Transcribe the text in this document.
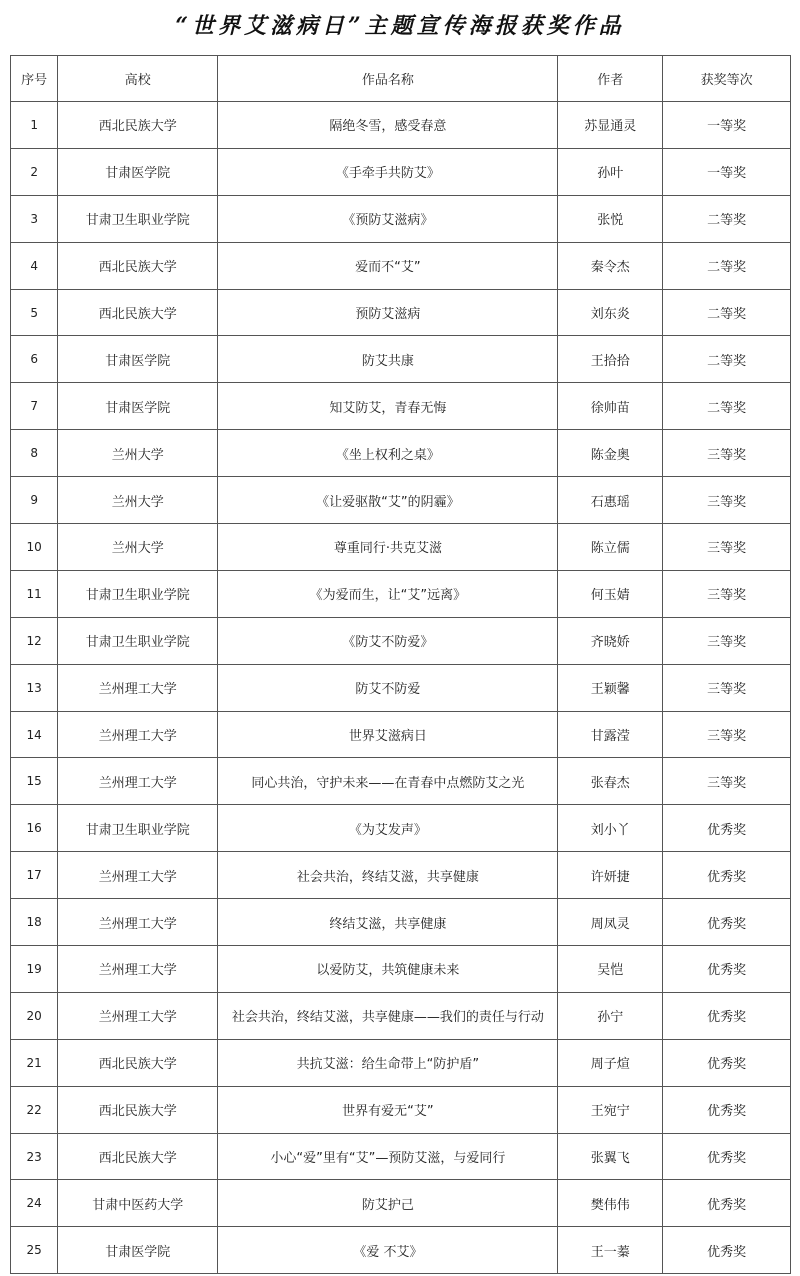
“世界艾滋病日”主题宣传海报获奖作品
序号	高校	作品名称	作者	获奖等次
1	西北民族大学	隔绝冬雪，感受春意	苏显通灵	一等奖
2	甘肃医学院	《手牵手共防艾》	孙叶	一等奖
3	甘肃卫生职业学院	《预防艾滋病》	张悦	二等奖
4	西北民族大学	爱而不“艾”	秦令杰	二等奖
5	西北民族大学	预防艾滋病	刘东炎	二等奖
6	甘肃医学院	防艾共康	王拾拾	二等奖
7	甘肃医学院	知艾防艾，青春无悔	徐帅苗	二等奖
8	兰州大学	《坐上权利之桌》	陈金奥	三等奖
9	兰州大学	《让爱驱散“艾”的阴霾》	石惠瑶	三等奖
10	兰州大学	尊重同行·共克艾滋	陈立儒	三等奖
11	甘肃卫生职业学院	《为爱而生，让“艾”远离》	何玉婧	三等奖
12	甘肃卫生职业学院	《防艾不防爱》	齐晓娇	三等奖
13	兰州理工大学	防艾不防爱	王颖馨	三等奖
14	兰州理工大学	世界艾滋病日	甘露滢	三等奖
15	兰州理工大学	同心共治，守护未来——在青春中点燃防艾之光	张春杰	三等奖
16	甘肃卫生职业学院	《为艾发声》	刘小丫	优秀奖
17	兰州理工大学	社会共治，终结艾滋，共享健康	许妍捷	优秀奖
18	兰州理工大学	终结艾滋，共享健康	周凤灵	优秀奖
19	兰州理工大学	以爱防艾，共筑健康未来	吴恺	优秀奖
20	兰州理工大学	社会共治，终结艾滋，共享健康——我们的责任与行动	孙宁	优秀奖
21	西北民族大学	共抗艾滋：给生命带上“防护盾”	周子煊	优秀奖
22	西北民族大学	世界有爱无“艾”	王宛宁	优秀奖
23	西北民族大学	小心“爱”里有“艾”—预防艾滋，与爱同行	张翼飞	优秀奖
24	甘肃中医药大学	防艾护己	樊伟伟	优秀奖
25	甘肃医学院	《爱 不艾》	王一蓁	优秀奖
